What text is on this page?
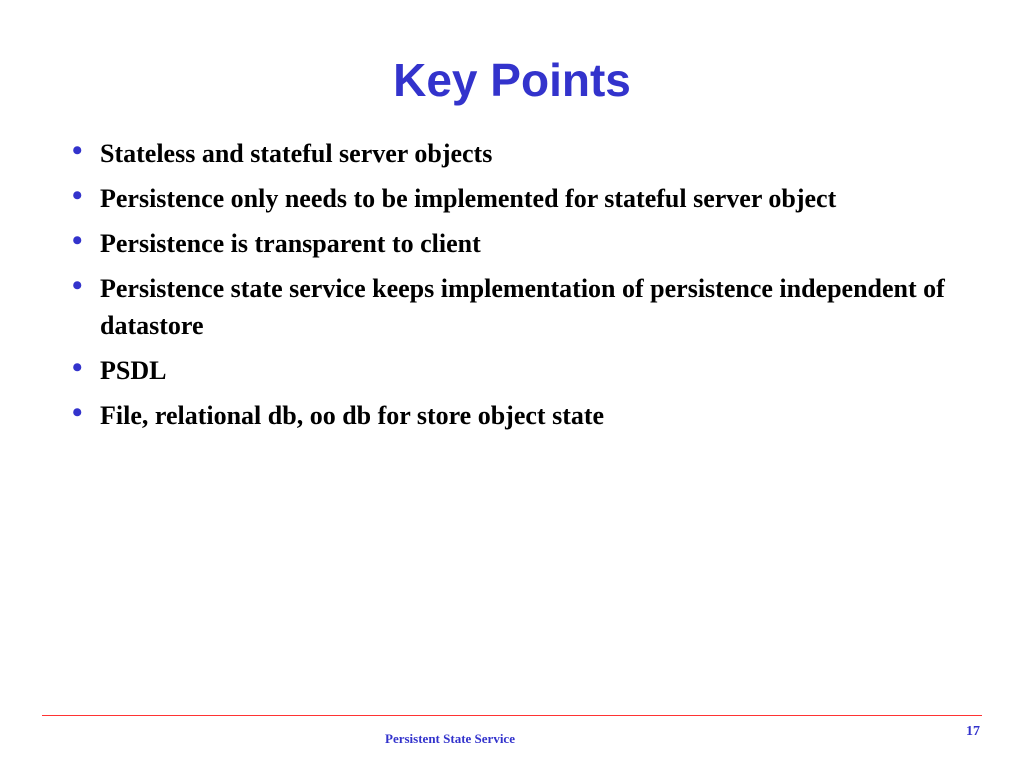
Key Points
• Stateless and stateful server objects
• Persistence only needs to be implemented for stateful server object
• Persistence is transparent to client
• Persistence state service keeps implementation of persistence independent of datastore
• PSDL
• File, relational db, oo db for store object state
Persistent State Service	17
